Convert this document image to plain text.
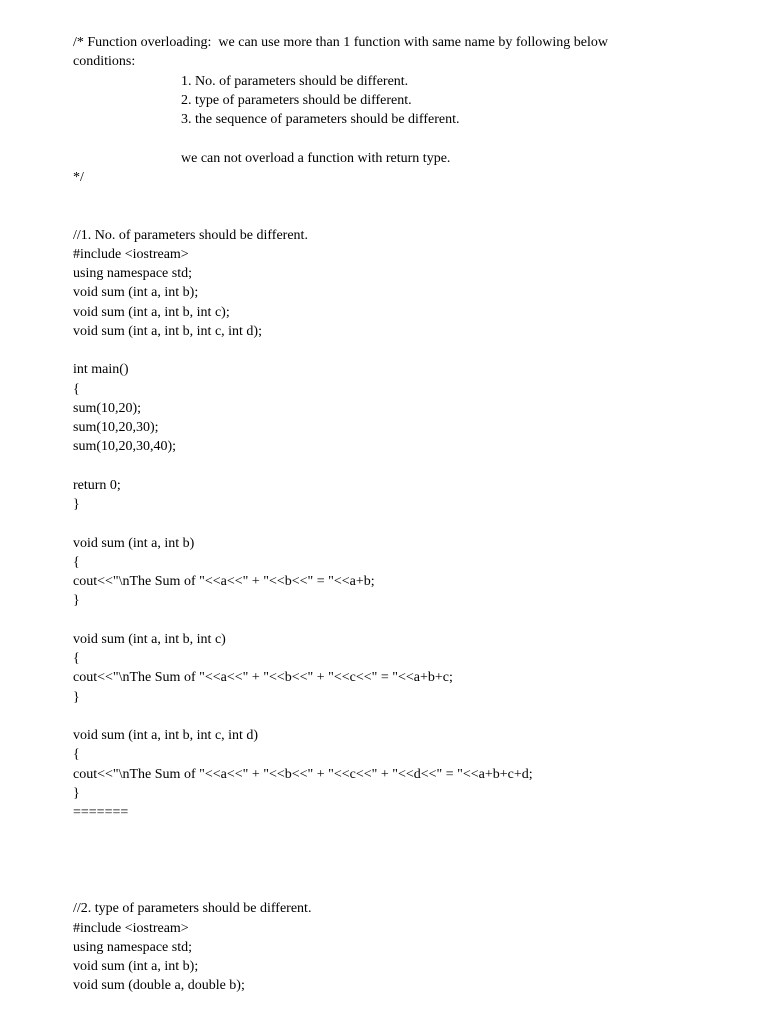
/* Function overloading:  we can use more than 1 function with same name by following below
conditions:
1. No. of parameters should be different.
2. type of parameters should be different.
3. the sequence of parameters should be different.
we can not overload a function with return type.
*/
//1. No. of parameters should be different.
#include <iostream>
using namespace std;
void sum (int a, int b);
void sum (int a, int b, int c);
void sum (int a, int b, int c, int d);
int main()
{
sum(10,20);
sum(10,20,30);
sum(10,20,30,40);
return 0;
}
void sum (int a, int b)
{
cout<<"\nThe Sum of "<<a<<" + "<<b<<" = "<<a+b;
}
void sum (int a, int b, int c)
{
cout<<"\nThe Sum of "<<a<<" + "<<b<<" + "<<c<<" = "<<a+b+c;
}
void sum (int a, int b, int c, int d)
{
cout<<"\nThe Sum of "<<a<<" + "<<b<<" + "<<c<<" + "<<d<<" = "<<a+b+c+d;
}
=======
//2. type of parameters should be different.
#include <iostream>
using namespace std;
void sum (int a, int b);
void sum (double a, double b);
